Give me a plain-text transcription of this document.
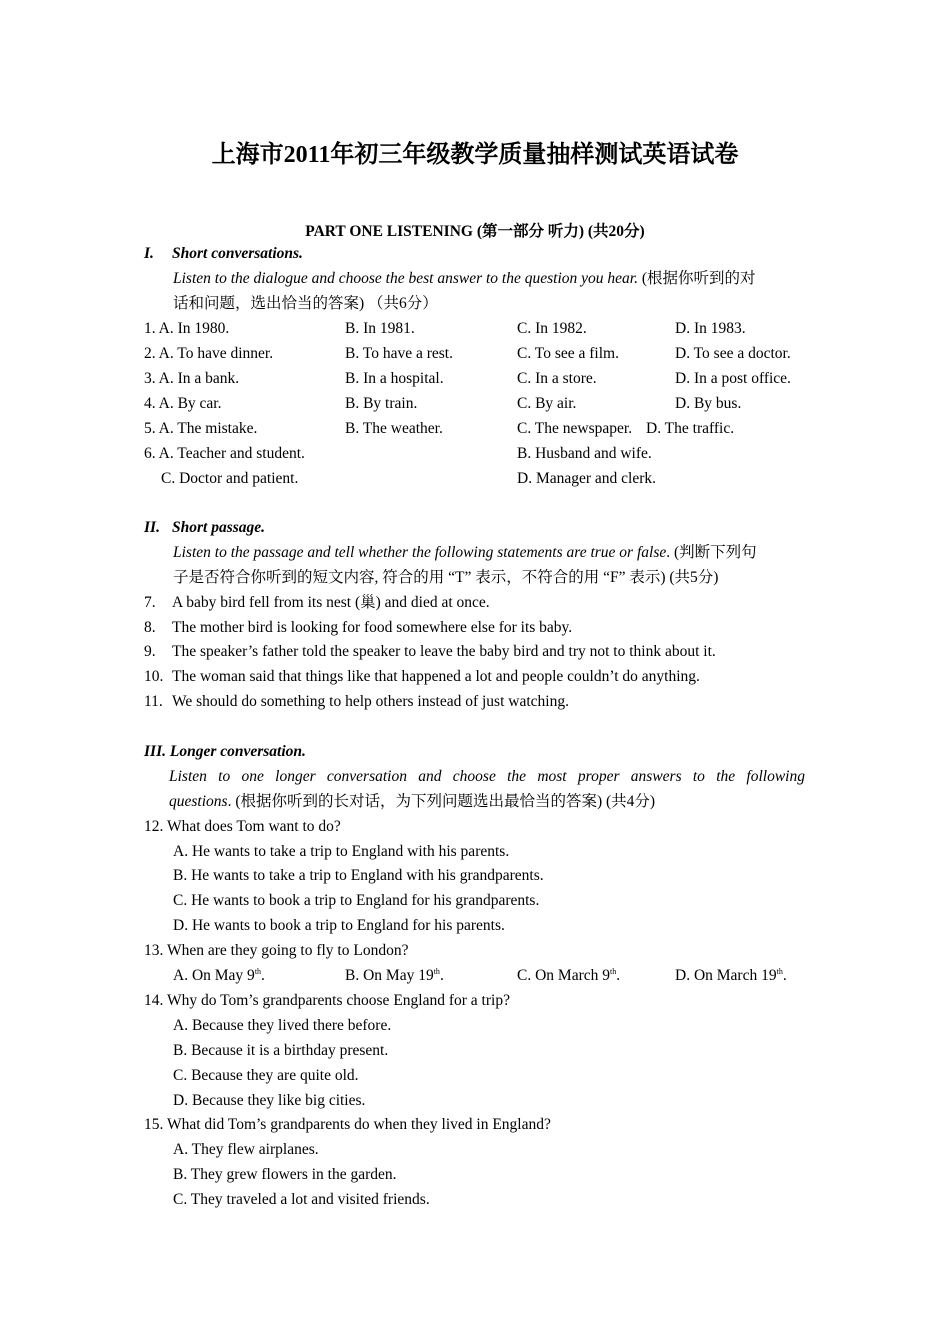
上海市2011年初三年级教学质量抽样测试英语试卷
PART ONE LISTENING (第一部分 听力) (共20分)
I. Short conversations.
Listen to the dialogue and choose the best answer to the question you hear. (根据你听到的对
话和问题，选出恰当的答案) （共6分）
1. A. In 1980.	B. In 1981.	C. In 1982.	D. In 1983.
2. A. To have dinner.	B. To have a rest.	C. To see a film.	D. To see a doctor.
3. A. In a bank.	B. In a hospital.	C. In a store.	D. In a post office.
4. A. By car.	B. By train.	C. By air.	D. By bus.
5. A. The mistake.	B. The weather.	C. The newspaper. D. The traffic.
6. A. Teacher and student.	B. Husband and wife.
C. Doctor and patient.	D. Manager and clerk.
II. Short passage.
Listen to the passage and tell whether the following statements are true or false. (判断下列句
子是否符合你听到的短文内容, 符合的用 “T” 表示，不符合的用 “F” 表示) (共5分)
7. A baby bird fell from its nest (巢) and died at once.
8. The mother bird is looking for food somewhere else for its baby.
9. The speaker’s father told the speaker to leave the baby bird and try not to think about it.
10. The woman said that things like that happened a lot and people couldn’t do anything.
11. We should do something to help others instead of just watching.
III. Longer conversation.
Listen to one longer conversation and choose the most proper answers to the following
questions. (根据你听到的长对话，为下列问题选出最恰当的答案) (共4分)
12. What does Tom want to do?
A. He wants to take a trip to England with his parents.
B. He wants to take a trip to England with his grandparents.
C. He wants to book a trip to England for his grandparents.
D. He wants to book a trip to England for his parents.
13. When are they going to fly to London?
A. On May 9th.	B. On May 19th.	C. On March 9th.	D. On March 19th.
14. Why do Tom’s grandparents choose England for a trip?
A. Because they lived there before.
B. Because it is a birthday present.
C. Because they are quite old.
D. Because they like big cities.
15. What did Tom’s grandparents do when they lived in England?
A. They flew airplanes.
B. They grew flowers in the garden.
C. They traveled a lot and visited friends.
